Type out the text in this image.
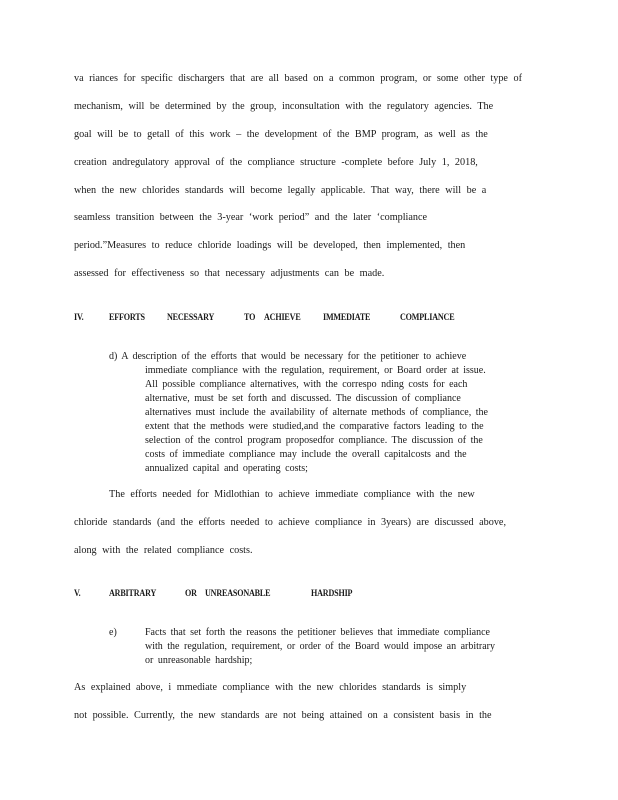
va riances for specific dischargers that are all based on a common program, or some other type of
mechanism, will be determined by the group, inconsultation with the regulatory agencies. The
goal will be to getall of this work – the development of the BMP program, as well as the
creation andregulatory approval of the compliance structure -complete before July 1, 2018,
when the new chlorides standards will become legally applicable. That way, there will be a
seamless transition between the 3-year ‘work period” and the later ‘compliance
period.”Measures to reduce chloride loadings will be developed, then implemented, then
assessed for effectiveness so that necessary adjustments can be made.
IV.	EFFORTS NECESSARY	TO ACHIEVE IMMEDIATE	COMPLIANCE
d) A description of the efforts that would be necessary for the petitioner to achieve
immediate compliance with the regulation, requirement, or Board order at issue.
All possible compliance alternatives, with the correspo nding costs for each
alternative, must be set forth and discussed. The discussion of compliance
alternatives must include the availability of alternate methods of compliance, the
extent that the methods were studied,and the comparative factors leading to the
selection of the control program proposedfor compliance. The discussion of the
costs of immediate compliance may include the overall capitalcosts and the
annualized capital and operating costs;
The efforts needed for Midlothian to achieve immediate compliance with the new
chloride standards (and the efforts needed to achieve compliance in 3years) are discussed above,
along with the related compliance costs.
V.	ARBITRARY	OR UNREASONABLE	HARDSHIP
e)	Facts that set forth the reasons the petitioner believes that immediate compliance
with the regulation, requirement, or order of the Board would impose an arbitrary
or unreasonable hardship;
As explained above, i mmediate compliance with the new chlorides standards is simply
not possible. Currently, the new standards are not being attained on a consistent basis in the
